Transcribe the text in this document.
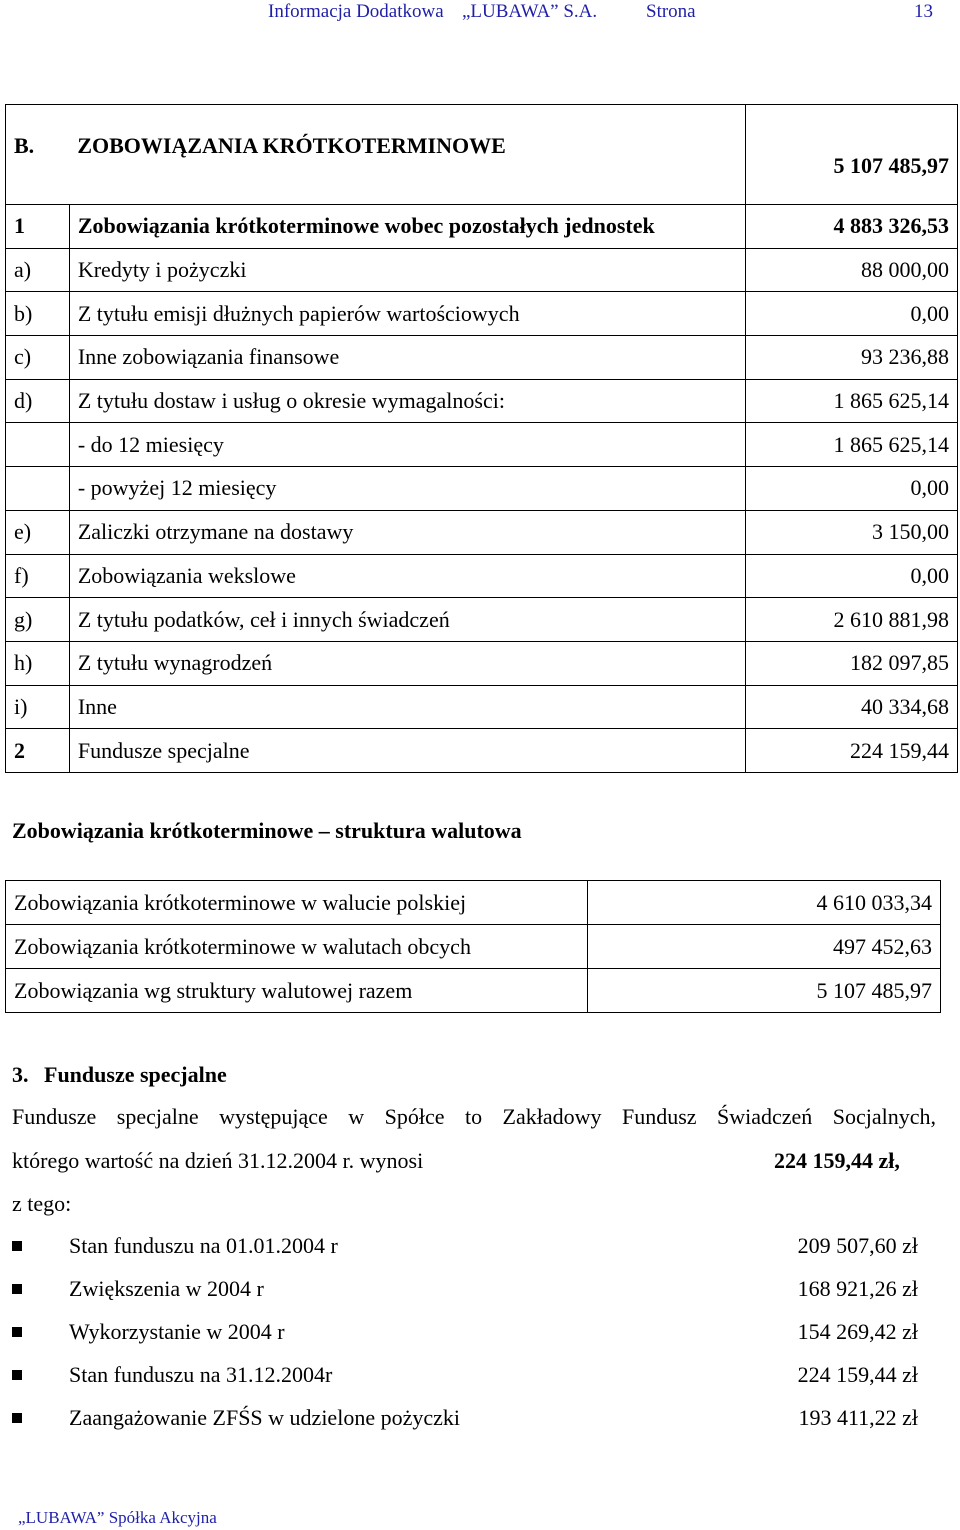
Informacja Dodatkowa „LUBAWA” S.A.	Strona	13
B.	ZOBOWIĄZANIA KRÓTKOTERMINOWE	5 107 485,97
1	Zobowiązania krótkoterminowe wobec pozostałych jednostek	4 883 326,53
a)	Kredyty i pożyczki	88 000,00
b)	Z tytułu emisji dłużnych papierów wartościowych	0,00
c)	Inne zobowiązania finansowe	93 236,88
d)	Z tytułu dostaw i usług o okresie wymagalności:	1 865 625,14
	- do 12 miesięcy	1 865 625,14
	- powyżej 12 miesięcy	0,00
e)	Zaliczki otrzymane na dostawy	3 150,00
f)	Zobowiązania wekslowe	0,00
g)	Z tytułu podatków, ceł i innych świadczeń	2 610 881,98
h)	Z tytułu wynagrodzeń	182 097,85
i)	Inne	40 334,68
2	Fundusze specjalne	224 159,44
Zobowiązania krótkoterminowe – struktura walutowa
Zobowiązania krótkoterminowe w walucie polskiej	4 610 033,34
Zobowiązania krótkoterminowe w walutach obcych	497 452,63
Zobowiązania wg struktury walutowej razem	5 107 485,97
3. Fundusze specjalne
Fundusze specjalne występujące w Spółce to Zakładowy Fundusz Świadczeń Socjalnych,
którego wartość na dzień 31.12.2004 r. wynosi	224 159,44 zł,
z tego:
Stan funduszu na 01.01.2004 r	209 507,60 zł
Zwiększenia w 2004 r	168 921,26 zł
Wykorzystanie w 2004 r	154 269,42 zł
Stan funduszu na 31.12.2004r	224 159,44 zł
Zaangażowanie ZFŚS w udzielone pożyczki	193 411,22 zł
„LUBAWA” Spółka Akcyjna
